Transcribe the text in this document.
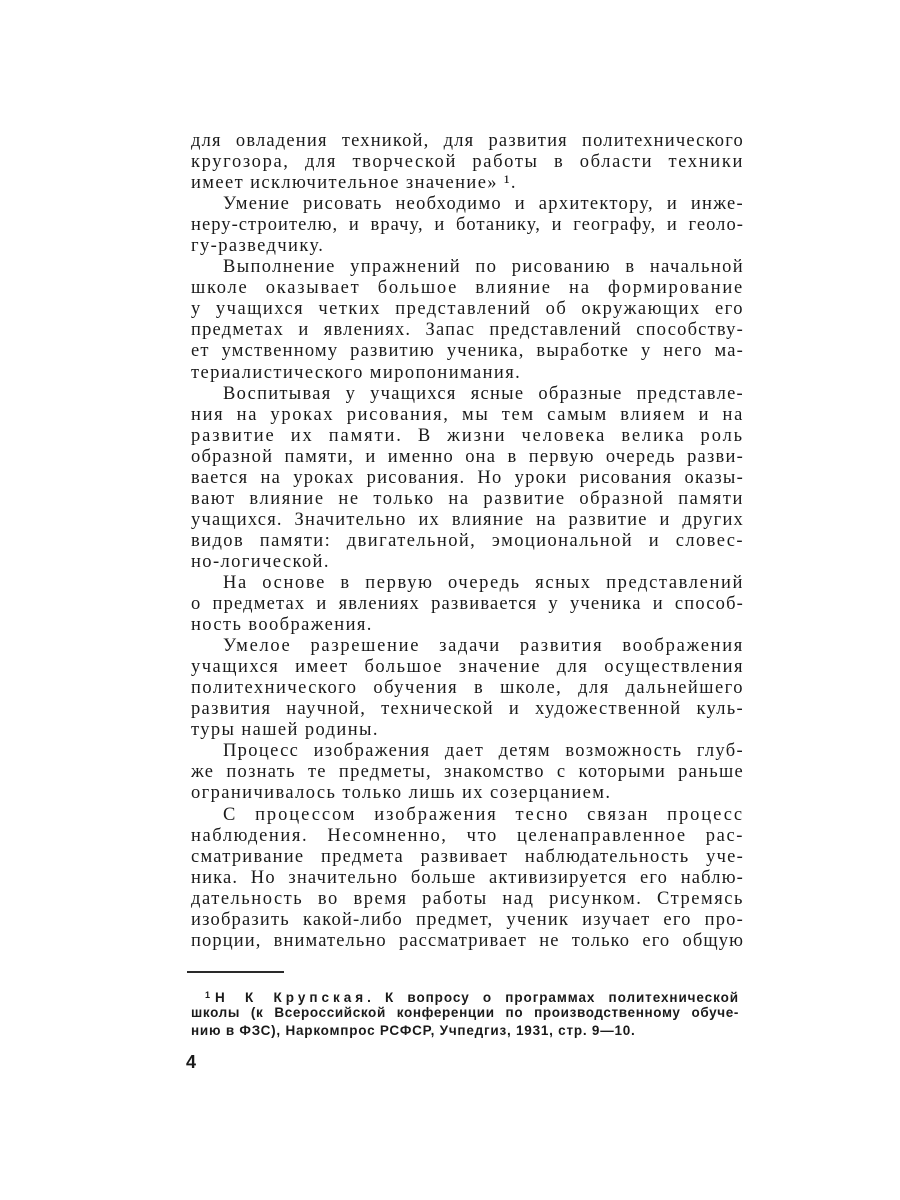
для овладения техникой, для развития политехнического
кругозора, для творческой работы в области техники
имеет исключительное значение» ¹.
Умение рисовать необходимо и архитектору, и инже-
неру-строителю, и врачу, и ботанику, и географу, и геоло-
гу-разведчику.
Выполнение упражнений по рисованию в начальной
школе оказывает большое влияние на формирование
у учащихся четких представлений об окружающих его
предметах и явлениях. Запас представлений способству-
ет умственному развитию ученика, выработке у него ма-
териалистического миропонимания.
Воспитывая у учащихся ясные образные представле-
ния на уроках рисования, мы тем самым влияем и на
развитие их памяти. В жизни человека велика роль
образной памяти, и именно она в первую очередь разви-
вается на уроках рисования. Но уроки рисования оказы-
вают влияние не только на развитие образной памяти
учащихся. Значительно их влияние на развитие и других
видов памяти: двигательной, эмоциональной и словес-
но-логической.
На основе в первую очередь ясных представлений
о предметах и явлениях развивается у ученика и способ-
ность воображения.
Умелое разрешение задачи развития воображения
учащихся имеет большое значение для осуществления
политехнического обучения в школе, для дальнейшего
развития научной, технической и художественной куль-
туры нашей родины.
Процесс изображения дает детям возможность глуб-
же познать те предметы, знакомство с которыми раньше
ограничивалось только лишь их созерцанием.
С процессом изображения тесно связан процесс
наблюдения. Несомненно, что целенаправленное рас-
сматривание предмета развивает наблюдательность уче-
ника. Но значительно больше активизируется его наблю-
дательность во время работы над рисунком. Стремясь
изобразить какой-либо предмет, ученик изучает его про-
порции, внимательно рассматривает не только его общую
$^1$ Н К Крупская. К вопросу о программах политехнической
школы (к Всероссийской конференции по производственному обуче-
нию в ФЗС), Наркомпрос РСФСР, Учпедгиз, 1931, стр. 9—10.
4
